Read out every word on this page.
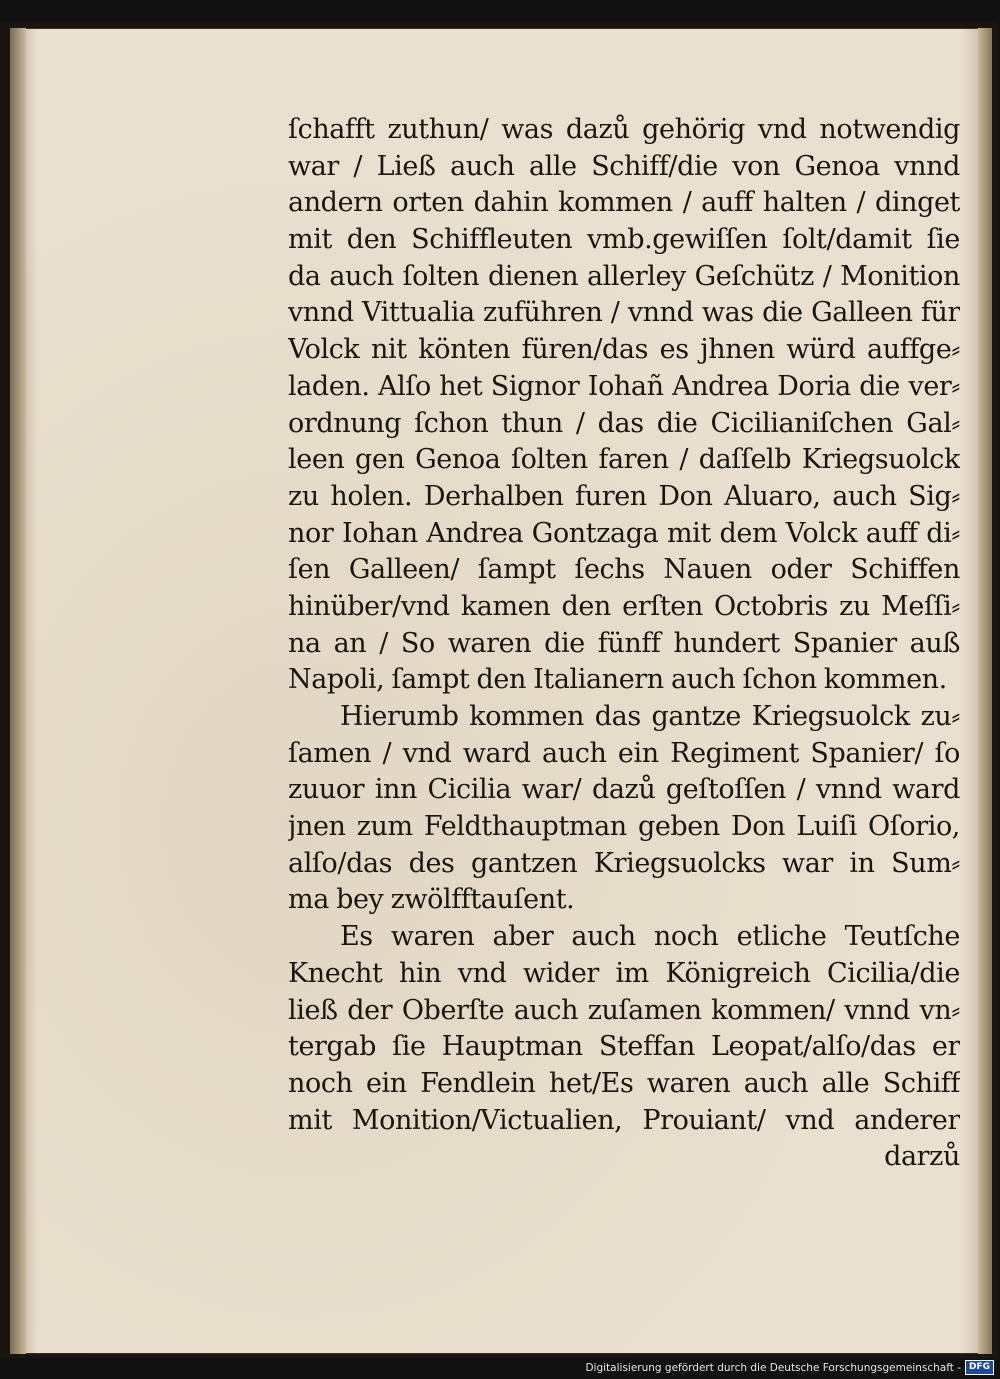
ſchafft zuthun/ was dazů gehörig vnd notwendig
war / Ließ auch alle Schiff/die von Genoa vnnd
andern orten dahin kommen / auff halten / dinget
mit den Schiffleuten vmb.gewiſſen ſolt/damit ſie
da auch ſolten dienen allerley Geſchütz / Monition
vnnd Vittualia zuführen / vnnd was die Galleen für
Volck nit könten füren/das es jhnen würd auffge⸗
laden. Alſo het Signor Iohañ Andrea Doria die ver⸗
ordnung ſchon thun / das die Cicilianiſchen Gal⸗
leen gen Genoa ſolten faren / daſſelb Kriegsuolck
zu holen. Derhalben furen Don Aluaro, auch Sig⸗
nor Iohan Andrea Gontzaga mit dem Volck auff di⸗
ſen Galleen/ ſampt ſechs Nauen oder Schiffen
hinüber/vnd kamen den erſten Octobris zu Meſſi⸗
na an / So waren die fünff hundert Spanier auß
Napoli, ſampt den Italianern auch ſchon kommen.
Hierumb kommen das gantze Kriegsuolck zu⸗
ſamen / vnd ward auch ein Regiment Spanier/ ſo
zuuor inn Cicilia war/ dazů geſtoſſen / vnnd ward
jnen zum Feldthauptman geben Don Luiſi Oſorio,
alſo/das des gantzen Kriegsuolcks war in Sum⸗
ma bey zwölfftauſent.
Es waren aber auch noch etliche Teutſche
Knecht hin vnd wider im Königreich Cicilia/die
ließ der Oberſte auch zuſamen kommen/ vnnd vn⸗
tergab ſie Hauptman Steffan Leopat/alſo/das er
noch ein Fendlein het/Es waren auch alle Schiff
mit Monition/Victualien, Prouiant/ vnd anderer
darzů
Digitalisierung gefördert durch die Deutsche Forschungsgemeinschaft - DFG
